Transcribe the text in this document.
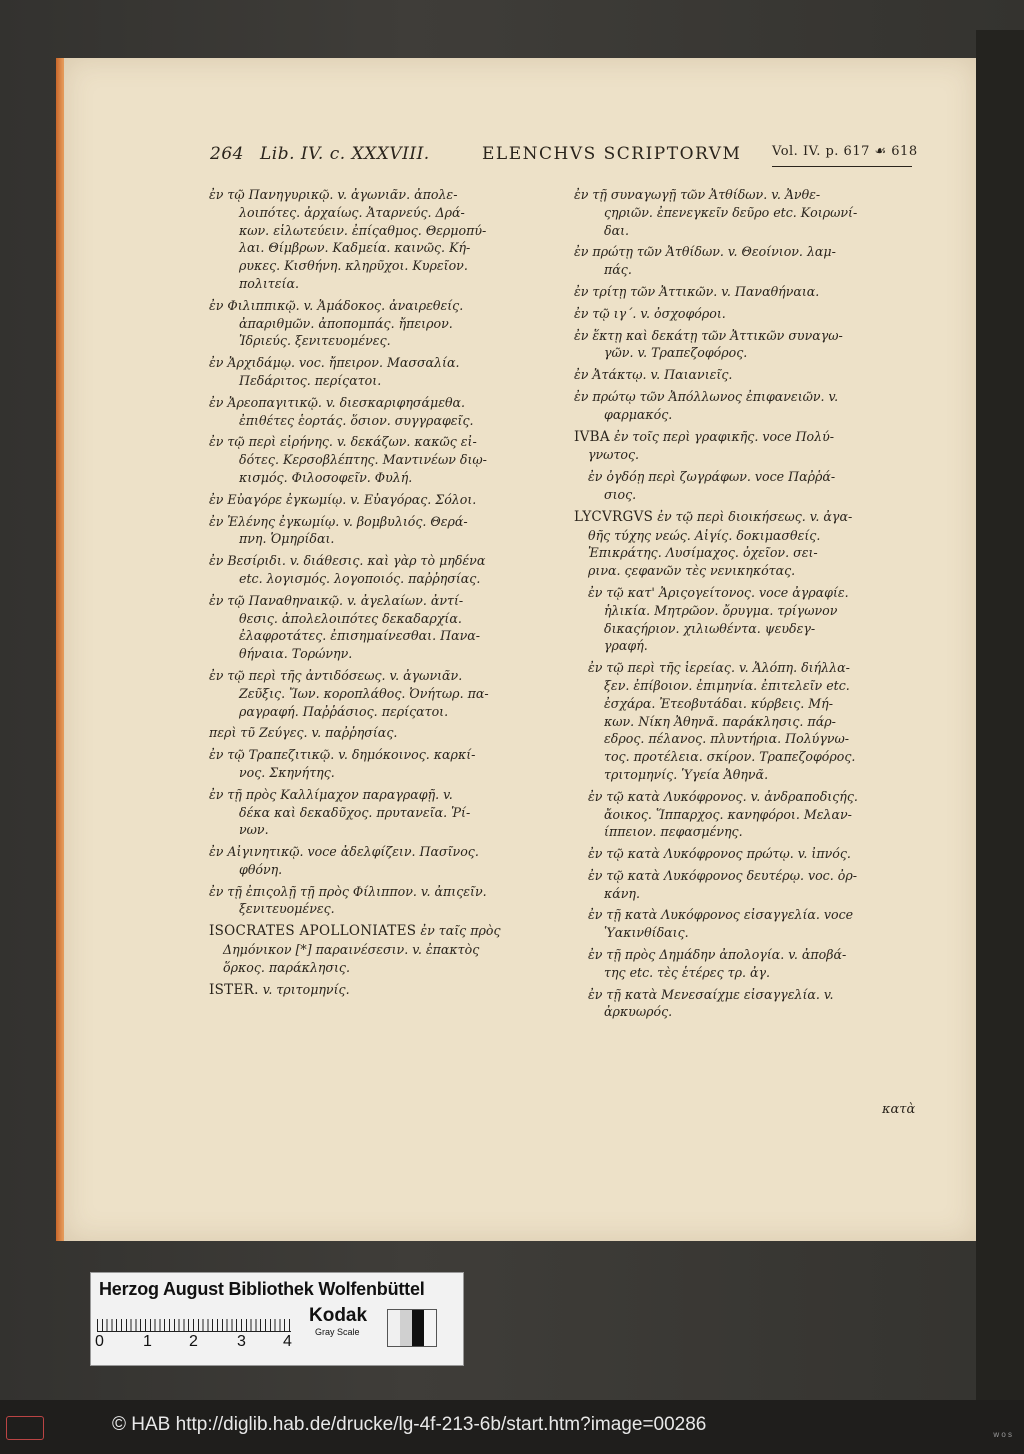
264 Lib. IV. c. XXXVIII.	ELENCHVS SCRIPTORVM Vol. IV. p. 617 ☙ 618
ἐν τῷ Πανηγυρικῷ. v. ἀγωνιᾶν. ἀπολε-
λοιπότες. ἀρχαίως. Ἀταρνεύς. Δρά-
κων. εἱλωτεύειν. ἐπίςαθμος. Θερμοπύ-
λαι. Θίμβρων. Καδμεία. καινῶς. Κή-
ρυκες. Κισθήνη. κληρῦχοι. Κυρεῖον.
πολιτεία.
ἐν Φιλιππικῷ. v. Ἀμάδοκος. ἀναιρεθείς.
ἀπαριθμῶν. ἀποπομπάς. ἤπειρον.
Ἰδριεύς. ξενιτευομένες.
ἐν Ἀρχιδάμῳ. voc. ἤπειρον. Μασσαλία.
Πεδάριτος. περίςατοι.
ἐν Ἀρεοπαγιτικῷ. v. διεσκαριφησάμεθα.
ἐπιθέτες ἑορτάς. ὅσιον. συγγραφεῖς.
ἐν τῷ περὶ εἰρήνης. v. δεκάζων. κακῶς εἰ-
δότες. Κερσοβλέπτης. Μαντινέων διῳ-
κισμός. Φιλοσοφεῖν. Φυλή.
ἐν Εὐαγόρε ἐγκωμίῳ. v. Εὐαγόρας. Σόλοι.
ἐν Ἑλένης ἐγκωμίῳ. v. βομβυλιός. Θερά-
πνη. Ὁμηρίδαι.
ἐν Βεσίριδι. v. διάθεσις. καὶ γὰρ τὸ μηδένα
etc. λογισμός. λογοποιός. παῤῥησίας.
ἐν τῷ Παναθηναικῷ. v. ἀγελαίων. ἀντί-
θεσις. ἀπολελοιπότες δεκαδαρχία.
ἐλαφροτάτες. ἐπισημαίνεσθαι. Πανα-
θήναια. Τορώνην.
ἐν τῷ περὶ τῆς ἀντιδόσεως. v. ἀγωνιᾶν.
Ζεῦξις. Ἴων. κοροπλάθος. Ὀνήτωρ. πα-
ραγραφή. Παῤῥάσιος. περίςατοι.
περὶ τῦ Ζεύγες. v. παῤῥησίας.
ἐν τῷ Τραπεζιτικῷ. v. δημόκοινος. καρκί-
νος. Σκηνήτης.
ἐν τῇ πρὸς Καλλίμαχον παραγραφῇ. v.
δέκα καὶ δεκαδῦχος. πρυτανεῖα. Ῥί-
νων.
ἐν Αἰγινητικῷ. voce ἀδελφίζειν. Πασῖνος.
φθόνη.
ἐν τῇ ἐπιςολῇ τῇ πρὸς Φίλιππον. v. ἀπιςεῖν.
ξενιτευομένες.
ISOCRATES APOLLONIATES ἐν ταῖς πρὸς
Δημόνικον [*] παραινέσεσιν. v. ἐπακτὸς
ὅρκος. παράκλησις.
ISTER. v. τριτομηνίς.
ἐν τῇ συναγωγῇ τῶν Ἀτθίδων. v. Ἀνθε-
ςηριῶν. ἐπενεγκεῖν δεῦρο etc. Κοιρωνί-
δαι.
ἐν πρώτῃ τῶν Ἀτθίδων. v. Θεοίνιον. λαμ-
πάς.
ἐν τρίτῃ τῶν Ἀττικῶν. v. Παναθήναια.
ἐν τῷ ιγ΄. v. ὀσχοφόροι.
ἐν ἕκτῃ καὶ δεκάτῃ τῶν Ἀττικῶν συναγω-
γῶν. v. Τραπεζοφόρος.
ἐν Ἀτάκτῳ. v. Παιανιεῖς.
ἐν πρώτῳ τῶν Ἀπόλλωνος ἐπιφανειῶν. v.
φαρμακός.
IVBA ἐν τοῖς περὶ γραφικῆς. voce Πολύ-
γνωτος.
ἐν ὀγδόῃ περὶ ζωγράφων. voce Παῤῥά-
σιος.
LYCVRGVS ἐν τῷ περὶ διοικήσεως. v. ἀγα-
θῆς τύχης νεώς. Αἰγίς. δοκιμασθείς.
Ἐπικράτης. Λυσίμαχος. ὀχεῖον. σει-
ρινα. ςεφανῶν τὲς νενικηκότας.
ἐν τῷ κατ' Ἀριςογείτονος. voce ἀγραφίε.
ἡλικία. Μητρῶον. ὄρυγμα. τρίγωνον
δικαςήριον. χιλιωθέντα. ψευδεγ-
γραφή.
ἐν τῷ περὶ τῆς ἱερείας. v. Ἀλόπη. διήλλα-
ξεν. ἐπίβοιον. ἐπιμηνία. ἐπιτελεῖν etc.
ἐσχάρα. Ἐτεοβυτάδαι. κύρβεις. Μή-
κων. Νίκη Ἀθηνᾶ. παράκλησις. πάρ-
εδρος. πέλανος. πλυντήρια. Πολύγνω-
τος. προτέλεια. σκίρον. Τραπεζοφόρος.
τριτομηνίς. Ὑγεία Ἀθηνᾶ.
ἐν τῷ κατὰ Λυκόφρονος. v. ἀνδραποδιςής.
ἄοικος. Ἵππαρχος. κανηφόροι. Μελαν-
ίππειον. πεφασμένης.
ἐν τῷ κατὰ Λυκόφρονος πρώτῳ. v. ἰπνός.
ἐν τῷ κατὰ Λυκόφρονος δευτέρῳ. voc. ὀρ-
κάνη.
ἐν τῇ κατὰ Λυκόφρονος εἰσαγγελία. voce
Ὑακινθίδαις.
ἐν τῇ πρὸς Δημάδην ἀπολογία. v. ἀποβά-
της etc. τὲς ἑτέρες τρ. ἀγ.
ἐν τῇ κατὰ Μενεσαίχμε εἰσαγγελία. v.
ἀρκυωρός.
κατὰ
Herzog August Bibliothek Wolfenbüttel
0 1 2 3 4
Kodak
Gray Scale
© HAB http://diglib.hab.de/drucke/lg-4f-213-6b/start.htm?image=00286	w o s
